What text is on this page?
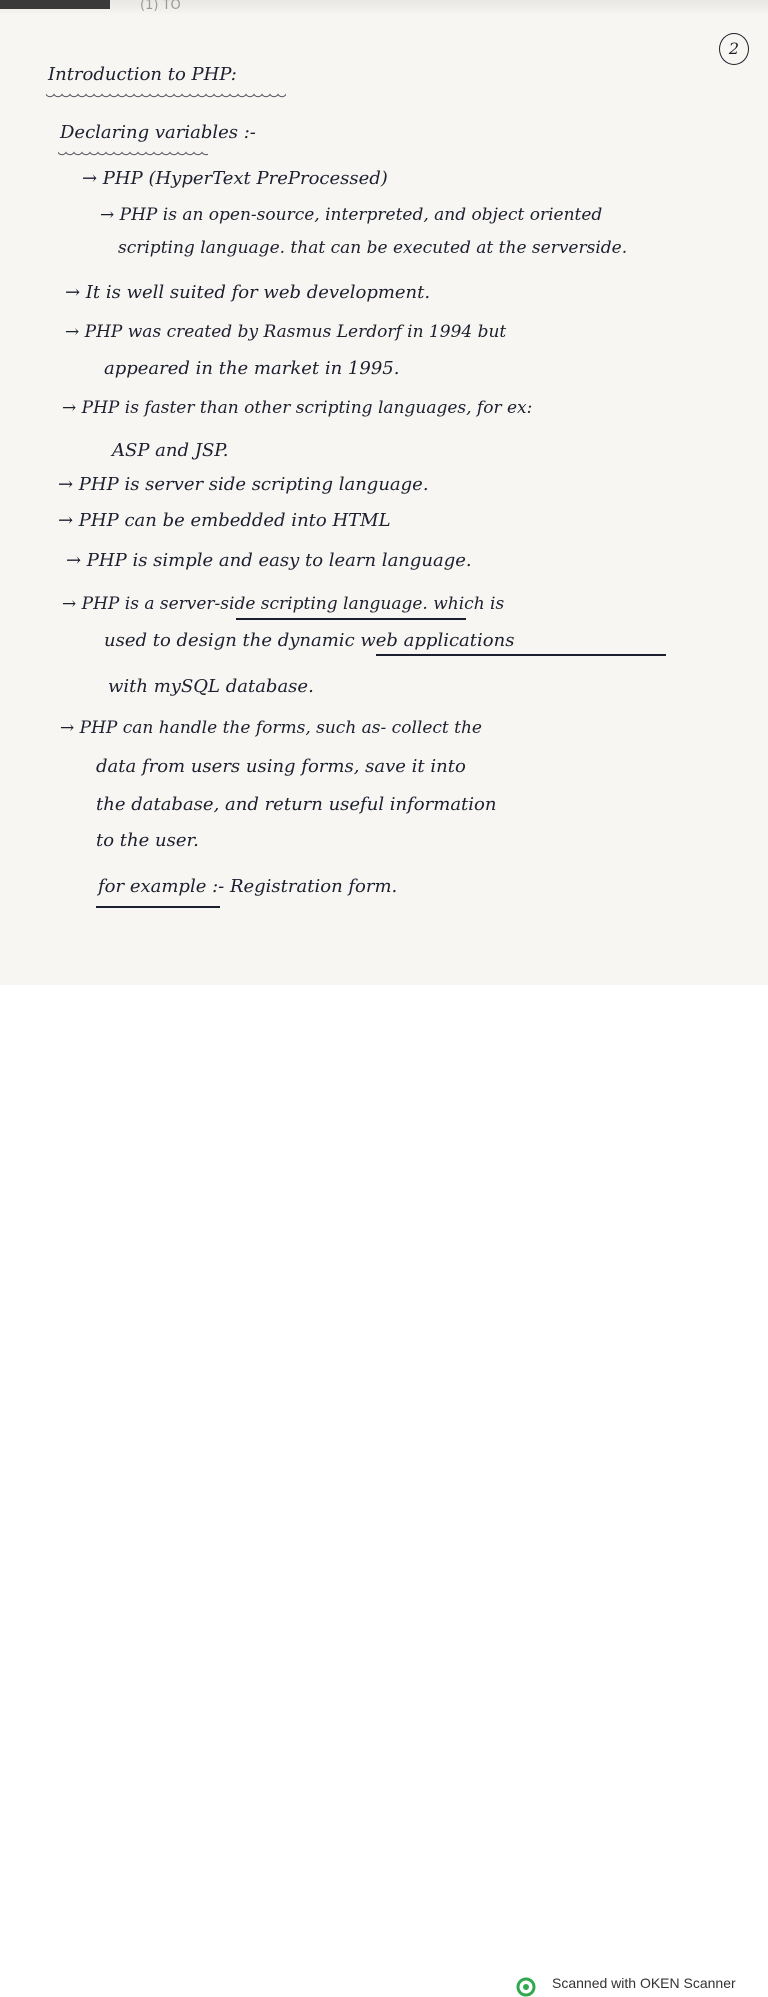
(1) TO
2
Introduction to PHP:
Declaring variables :-
→ PHP (HyperText PreProcessed)
→ PHP is an open-source, interpreted, and object oriented
scripting language. that can be executed at the serverside.
→ It is well suited for web development.
→ PHP was created by Rasmus Lerdorf in 1994 but
appeared in the market in 1995.
→ PHP is faster than other scripting languages, for ex:
ASP and JSP.
→ PHP is server side scripting language.
→ PHP can be embedded into HTML
→ PHP is simple and easy to learn language.
→ PHP is a server-side scripting language. which is
used to design the dynamic web applications
with mySQL database.
→ PHP can handle the forms, such as- collect the
data from users using forms, save it into
the database, and return useful information
to the user.
for example :- Registration form.
Scanned with OKEN Scanner
